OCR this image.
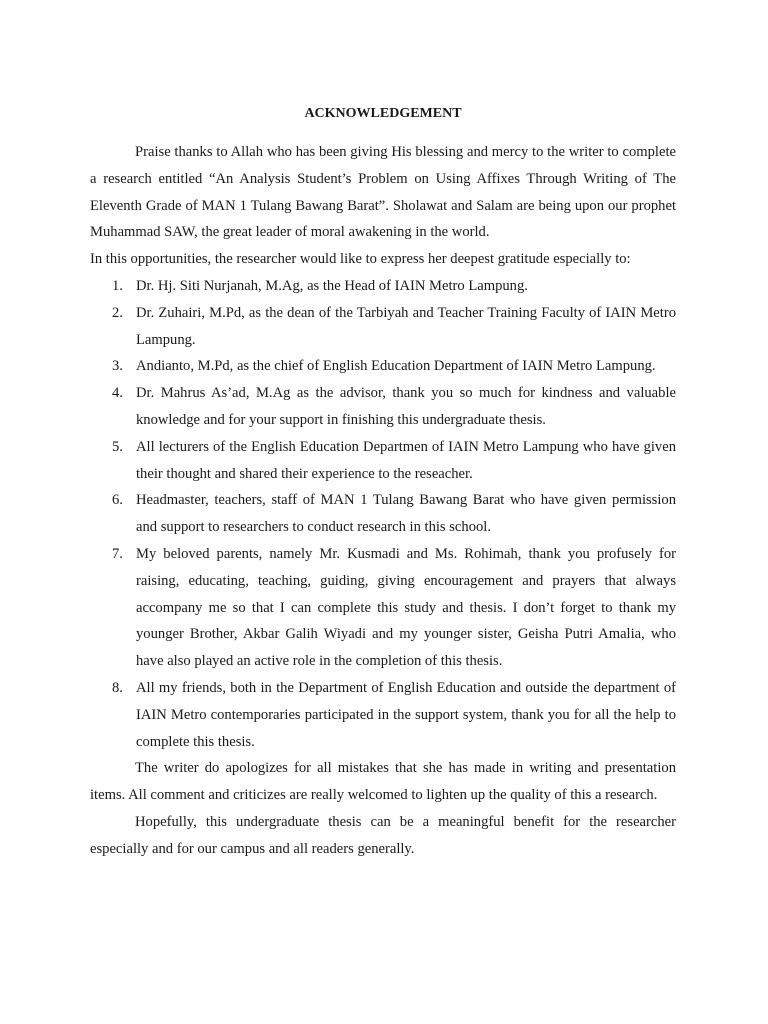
ACKNOWLEDGEMENT

Praise thanks to Allah who has been giving His blessing and mercy to the writer to complete a research entitled “An Analysis Student’s Problem on Using Affixes Through Writing of The Eleventh Grade of MAN 1 Tulang Bawang Barat”. Sholawat and Salam are being upon our prophet Muhammad SAW, the great leader of moral awakening in the world.

In this opportunities, the researcher would like to express her deepest gratitude especially to:

1. Dr. Hj. Siti Nurjanah, M.Ag, as the Head of IAIN Metro Lampung.
2. Dr. Zuhairi, M.Pd, as the dean of the Tarbiyah and Teacher Training Faculty of IAIN Metro Lampung.
3. Andianto, M.Pd, as the chief of English Education Department of IAIN Metro Lampung.
4. Dr. Mahrus As’ad, M.Ag as the advisor, thank you so much for kindness and valuable knowledge and for your support in finishing this undergraduate thesis.
5. All lecturers of the English Education Departmen of IAIN Metro Lampung who have given their thought and shared their experience to the reseacher.
6. Headmaster, teachers, staff of MAN 1 Tulang Bawang Barat who have given permission and support to researchers to conduct research in this school.
7. My beloved parents, namely Mr. Kusmadi and Ms. Rohimah, thank you profusely for raising, educating, teaching, guiding, giving encouragement and prayers that always accompany me so that I can complete this study and thesis. I don’t forget to thank my younger Brother, Akbar Galih Wiyadi and my younger sister, Geisha Putri Amalia, who have also played an active role in the completion of this thesis.
8. All my friends, both in the Department of English Education and outside the department of IAIN Metro contemporaries participated in the support system, thank you for all the help to complete this thesis.

The writer do apologizes for all mistakes that she has made in writing and presentation items. All comment and criticizes are really welcomed to lighten up the quality of this a research.

Hopefully, this undergraduate thesis can be a meaningful benefit for the researcher especially and for our campus and all readers generally.
